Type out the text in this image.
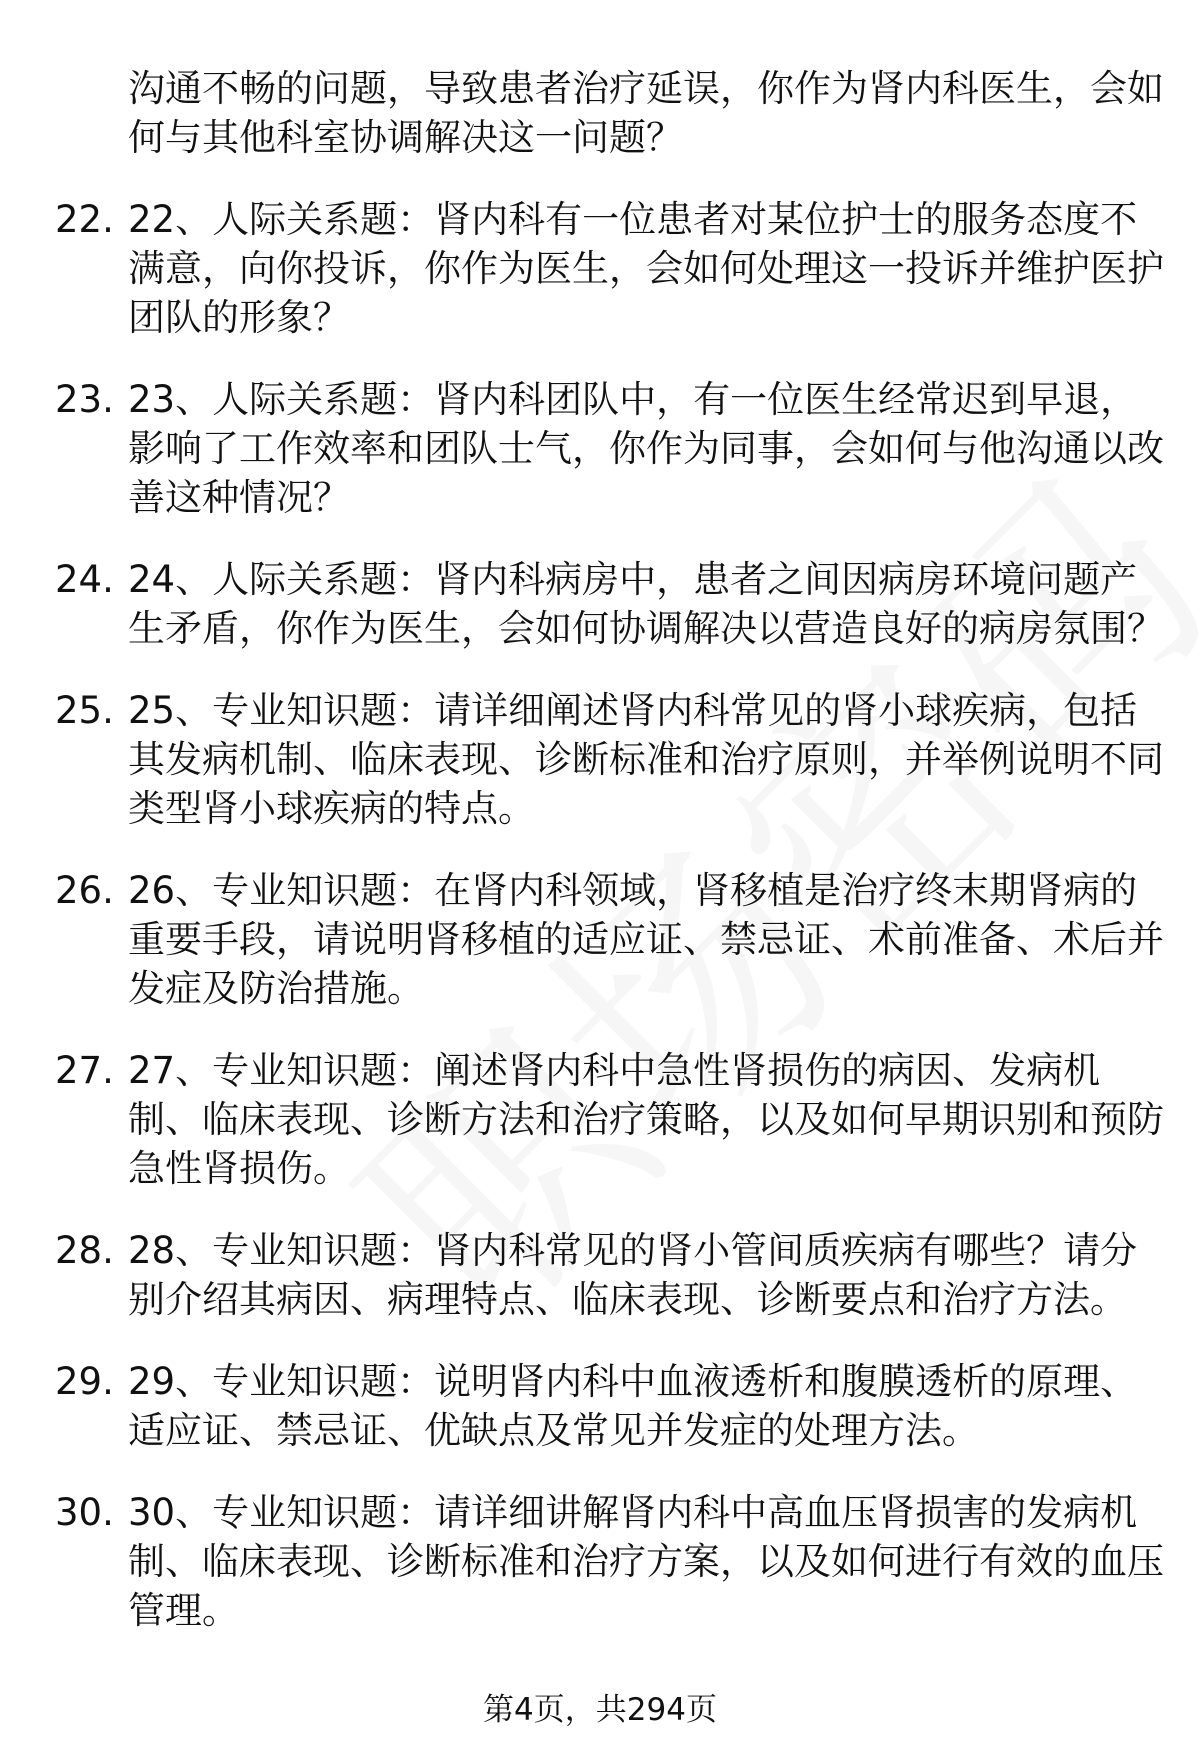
沟通不畅的问题，导致患者治疗延误，你作为肾内科医生，会如何与其他科室协调解决这一问题？
22. 22、人际关系题：肾内科有一位患者对某位护士的服务态度不满意，向你投诉，你作为医生，会如何处理这一投诉并维护医护团队的形象？
23. 23、人际关系题：肾内科团队中，有一位医生经常迟到早退，影响了工作效率和团队士气，你作为同事，会如何与他沟通以改善这种情况？
24. 24、人际关系题：肾内科病房中，患者之间因病房环境问题产生矛盾，你作为医生，会如何协调解决以营造良好的病房氛围？
25. 25、专业知识题：请详细阐述肾内科常见的肾小球疾病，包括其发病机制、临床表现、诊断标准和治疗原则，并举例说明不同类型肾小球疾病的特点。
26. 26、专业知识题：在肾内科领域，肾移植是治疗终末期肾病的重要手段，请说明肾移植的适应证、禁忌证、术前准备、术后并发症及防治措施。
27. 27、专业知识题：阐述肾内科中急性肾损伤的病因、发病机制、临床表现、诊断方法和治疗策略，以及如何早期识别和预防急性肾损伤。
28. 28、专业知识题：肾内科常见的肾小管间质疾病有哪些？请分别介绍其病因、病理特点、临床表现、诊断要点和治疗方法。
29. 29、专业知识题：说明肾内科中血液透析和腹膜透析的原理、适应证、禁忌证、优缺点及常见并发症的处理方法。
30. 30、专业知识题：请详细讲解肾内科中高血压肾损害的发病机制、临床表现、诊断标准和治疗方案，以及如何进行有效的血压管理。
第4页，共294页
